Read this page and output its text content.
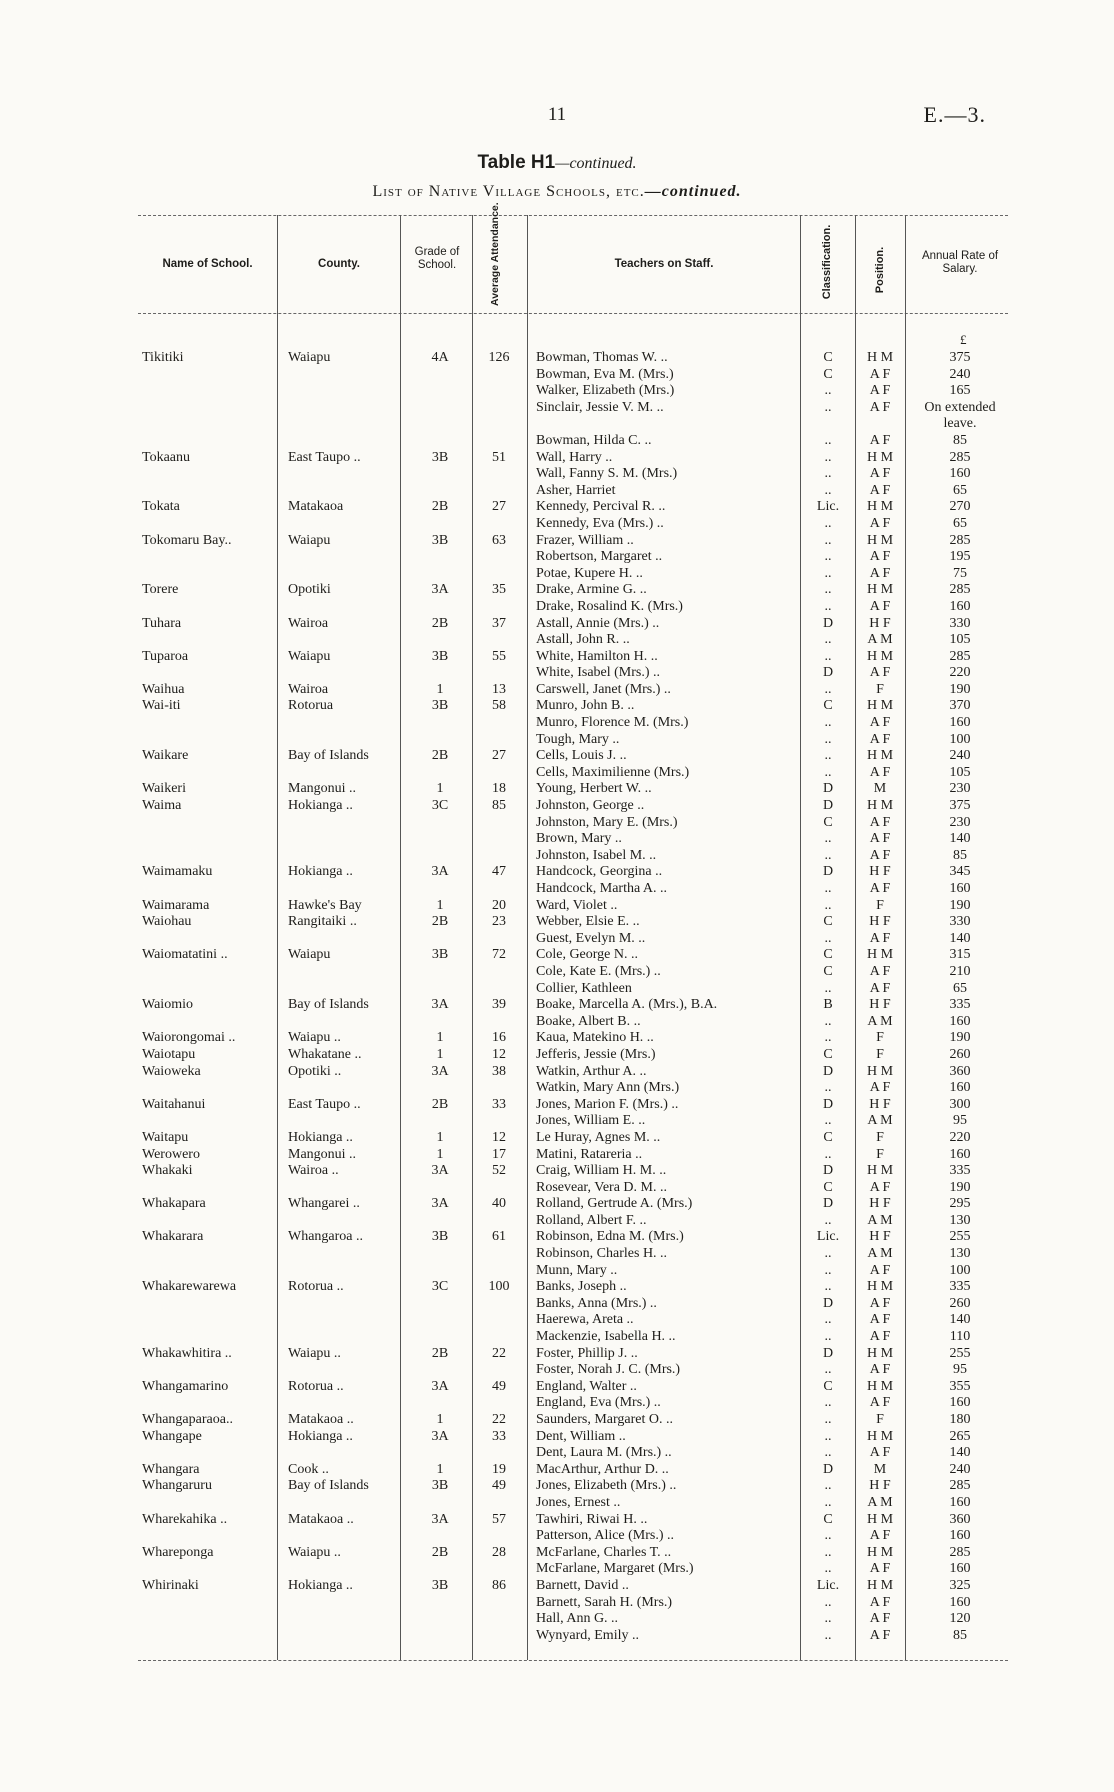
11	E.—3.
Table H1—continued.
List of Native Village Schools, etc.—continued.
Name of School.	County.
Grade of School.	Average Attendance.	Teachers on Staff.	Classification.	Position.	Annual Rate of Salary.
£
Tikitiki	Waiapu	4A	126	Bowman, Thomas W. ..	C	H M	375
Bowman, Eva M. (Mrs.)	C	A F	240
Walker, Elizabeth (Mrs.)	..	A F	165
Sinclair, Jessie V. M. ..	..	A F	On extended
leave.
Bowman, Hilda C. ..	..	A F	85
Tokaanu	East Taupo ..	3B	51	Wall, Harry ..	..	H M	285
Wall, Fanny S. M. (Mrs.)	..	A F	160
Asher, Harriet	..	A F	65
Tokata	Matakaoa	2B	27	Kennedy, Percival R. ..	Lic.	H M	270
Kennedy, Eva (Mrs.) ..	..	A F	65
Tokomaru Bay..	Waiapu	3B	63	Frazer, William ..	..	H M	285
Robertson, Margaret ..	..	A F	195
Potae, Kupere H. ..	..	A F	75
Torere	Opotiki	3A	35	Drake, Armine G. ..	..	H M	285
Drake, Rosalind K. (Mrs.)	..	A F	160
Tuhara	Wairoa	2B	37	Astall, Annie (Mrs.) ..	D	H F	330
Astall, John R. ..	..	A M	105
Tuparoa	Waiapu	3B	55	White, Hamilton H. ..	..	H M	285
White, Isabel (Mrs.) ..	D	A F	220
Waihua	Wairoa	1	13	Carswell, Janet (Mrs.) ..	..	F	190
Wai-iti	Rotorua	3B	58	Munro, John B. ..	C	H M	370
Munro, Florence M. (Mrs.)	..	A F	160
Tough, Mary ..	..	A F	100
Waikare	Bay of Islands	2B	27	Cells, Louis J. ..	..	H M	240
Cells, Maximilienne (Mrs.)	..	A F	105
Waikeri	Mangonui ..	1	18	Young, Herbert W. ..	D	M	230
Waima	Hokianga ..	3C	85	Johnston, George ..	D	H M	375
Johnston, Mary E. (Mrs.)	C	A F	230
Brown, Mary ..	..	A F	140
Johnston, Isabel M. ..	..	A F	85
Waimamaku	Hokianga ..	3A	47	Handcock, Georgina ..	D	H F	345
Handcock, Martha A. ..	..	A F	160
Waimarama	Hawke's Bay	1	20	Ward, Violet ..	..	F	190
Waiohau	Rangitaiki ..	2B	23	Webber, Elsie E. ..	C	H F	330
Guest, Evelyn M. ..	..	A F	140
Waiomatatini ..	Waiapu	3B	72	Cole, George N. ..	C	H M	315
Cole, Kate E. (Mrs.) ..	C	A F	210
Collier, Kathleen	..	A F	65
Waiomio	Bay of Islands	3A	39	Boake, Marcella A. (Mrs.), B.A.	B	H F	335
Boake, Albert B. ..	..	A M	160
Waiorongomai ..	Waiapu ..	1	16	Kaua, Matekino H. ..	..	F	190
Waiotapu	Whakatane ..	1	12	Jefferis, Jessie (Mrs.)	C	F	260
Waioweka	Opotiki ..	3A	38	Watkin, Arthur A. ..	D	H M	360
Watkin, Mary Ann (Mrs.)	..	A F	160
Waitahanui	East Taupo ..	2B	33	Jones, Marion F. (Mrs.) ..	D	H F	300
Jones, William E. ..	..	A M	95
Waitapu	Hokianga ..	1	12	Le Huray, Agnes M. ..	C	F	220
Werowero	Mangonui ..	1	17	Matini, Ratareria ..	..	F	160
Whakaki	Wairoa ..	3A	52	Craig, William H. M. ..	D	H M	335
Rosevear, Vera D. M. ..	C	A F	190
Whakapara	Whangarei ..	3A	40	Rolland, Gertrude A. (Mrs.)	D	H F	295
Rolland, Albert F. ..	..	A M	130
Whakarara	Whangaroa ..	3B	61	Robinson, Edna M. (Mrs.)	Lic.	H F	255
Robinson, Charles H. ..	..	A M	130
Munn, Mary ..	..	A F	100
Whakarewarewa	Rotorua ..	3C	100	Banks, Joseph ..	..	H M	335
Banks, Anna (Mrs.) ..	D	A F	260
Haerewa, Areta ..	..	A F	140
Mackenzie, Isabella H. ..	..	A F	110
Whakawhitira ..	Waiapu ..	2B	22	Foster, Phillip J. ..	D	H M	255
Foster, Norah J. C. (Mrs.)	..	A F	95
Whangamarino	Rotorua ..	3A	49	England, Walter ..	C	H M	355
England, Eva (Mrs.) ..	..	A F	160
Whangaparaoa..	Matakaoa ..	1	22	Saunders, Margaret O. ..	..	F	180
Whangape	Hokianga ..	3A	33	Dent, William ..	..	H M	265
Dent, Laura M. (Mrs.) ..	..	A F	140
Whangara	Cook ..	1	19	MacArthur, Arthur D. ..	D	M	240
Whangaruru	Bay of Islands	3B	49	Jones, Elizabeth (Mrs.) ..	..	H F	285
Jones, Ernest ..	..	A M	160
Wharekahika ..	Matakaoa ..	3A	57	Tawhiri, Riwai H. ..	C	H M	360
Patterson, Alice (Mrs.) ..	..	A F	160
Whareponga	Waiapu ..	2B	28	McFarlane, Charles T. ..	..	H M	285
McFarlane, Margaret (Mrs.)	..	A F	160
Whirinaki	Hokianga ..	3B	86	Barnett, David ..	Lic.	H M	325
Barnett, Sarah H. (Mrs.)	..	A F	160
Hall, Ann G. ..	..	A F	120
Wynyard, Emily ..	..	A F	85
